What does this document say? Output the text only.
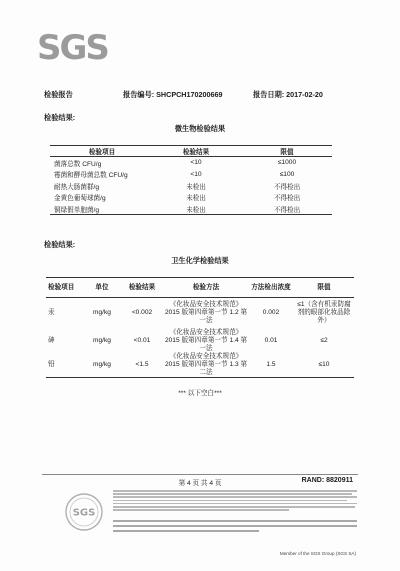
SGS
检验报告	报告编号: SHCPCH170200669	报告日期: 2017-02-20
检验结果:
微生物检验结果
检验项目	检验结果	限值
菌落总数 CFU/g	<10	≤1000
霉菌和酵母菌总数 CFU/g	<10	≤100
耐热大肠菌群/g	未检出	不得检出
金黄色葡萄球菌/g	未检出	不得检出
铜绿假单胞菌/g	未检出	不得检出
检验结果:
卫生化学检验结果
检验项目	单位	检验结果	检验方法	方法检出浓度	限值
汞	mg/kg	<0.002	《化妆品安全技术规范》2015 版第四章第一节 1.2 第一法	0.002	≤1（含有机汞防腐剂的眼部化妆品除外）
砷	mg/kg	<0.01	《化妆品安全技术规范》2015 版第四章第一节 1.4 第一法	0.01	≤2
铅	mg/kg	<1.5	《化妆品安全技术规范》2015 版第四章第一节 1.3 第二法	1.5	≤10
*** 以下空白***
第 4 页 共 4 页	RAND: 8820911
SGS
Member of the SGS Group (SGS SA)
